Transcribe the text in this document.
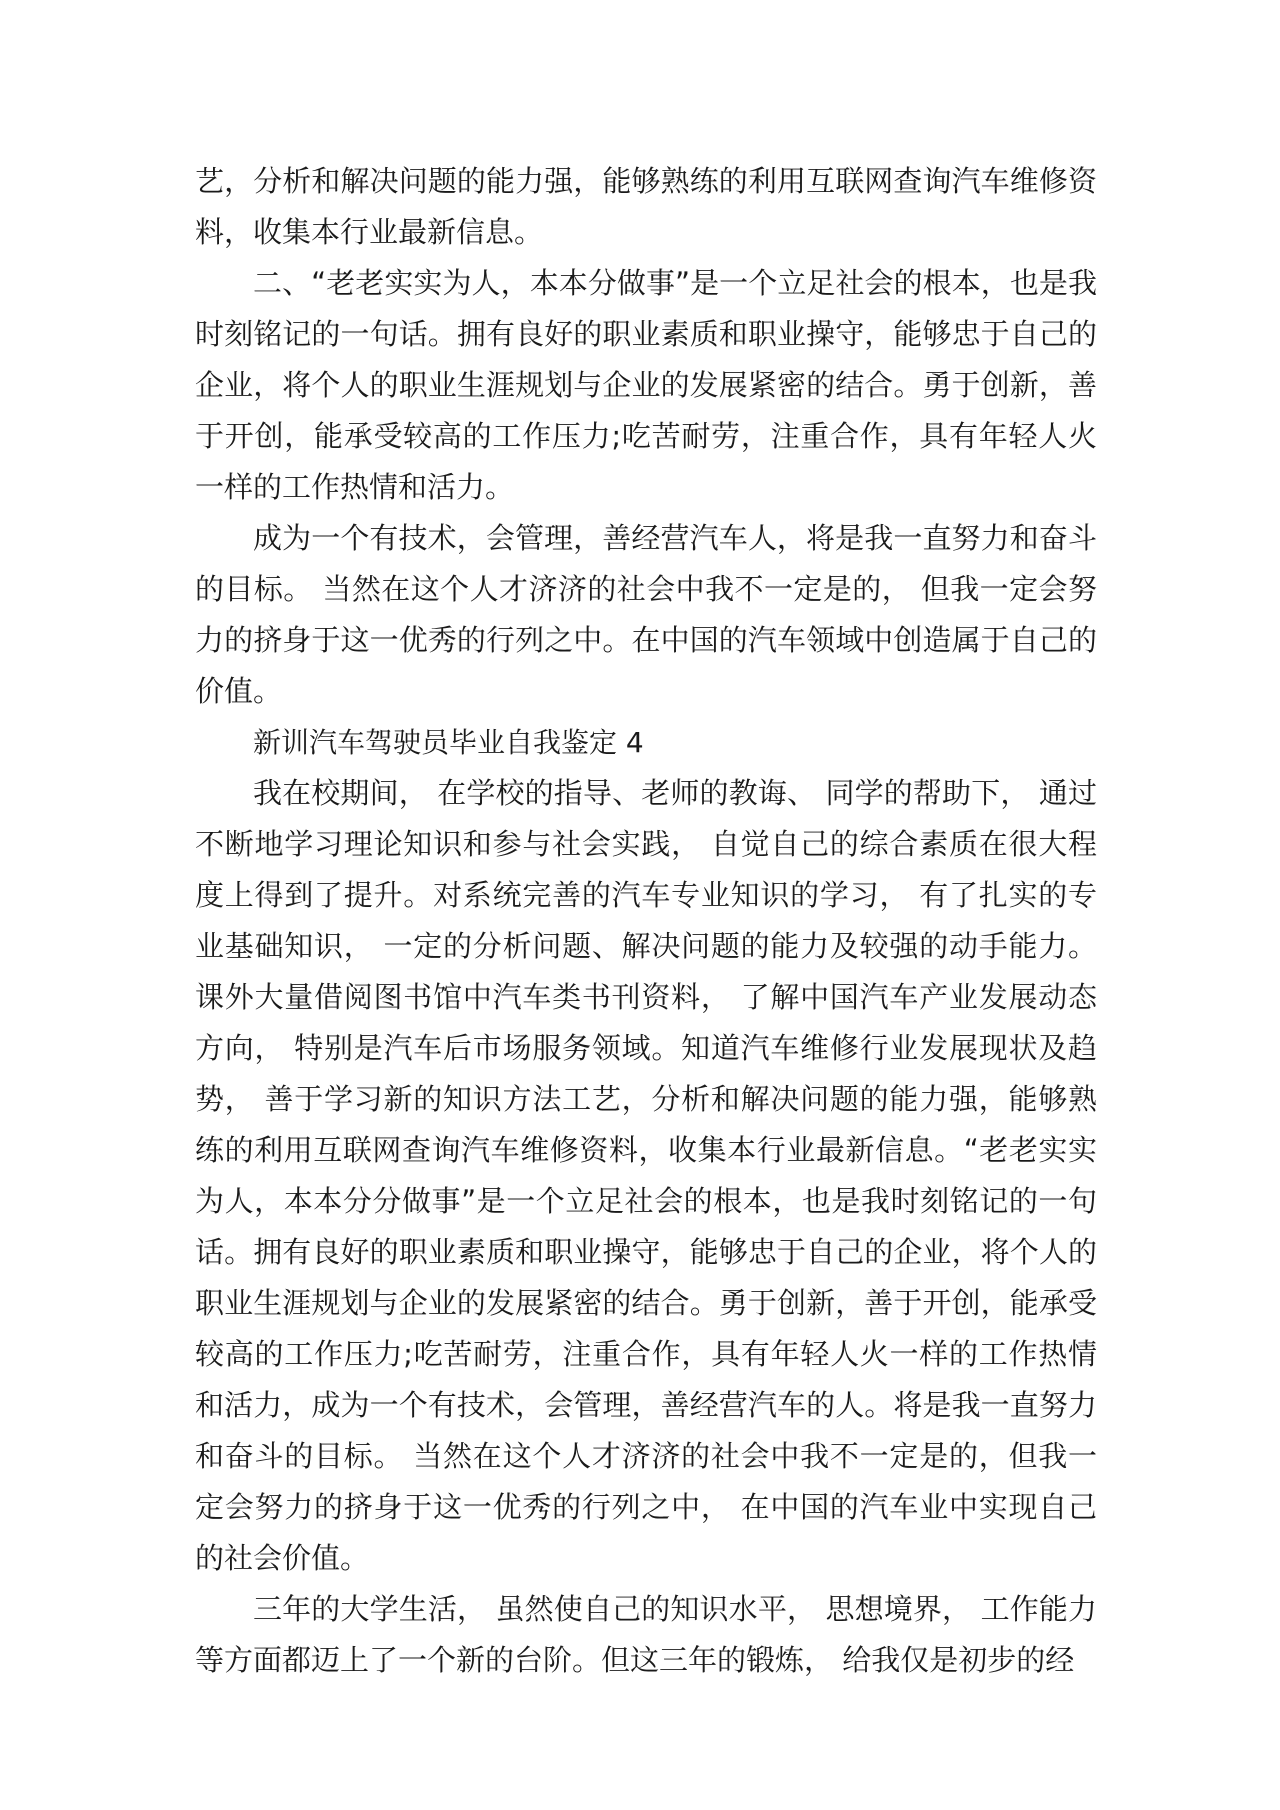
艺，分析和解决问题的能力强，能够熟练的利用互联网查询汽车维修资料，收集本行业最新信息。

二、“老老实实为人，本本分做事”是一个立足社会的根本，也是我时刻铭记的一句话。拥有良好的职业素质和职业操守，能够忠于自己的企业，将个人的职业生涯规划与企业的发展紧密的结合。勇于创新，善于开创，能承受较高的工作压力;吃苦耐劳，注重合作，具有年轻人火一样的工作热情和活力。

成为一个有技术，会管理，善经营汽车人，将是我一直努力和奋斗的目标。 当然在这个人才济济的社会中我不一定是的， 但我一定会努力的挤身于这一优秀的行列之中。在中国的汽车领域中创造属于自己的价值。

新训汽车驾驶员毕业自我鉴定 4

我在校期间， 在学校的指导、老师的教诲、 同学的帮助下， 通过不断地学习理论知识和参与社会实践， 自觉自己的综合素质在很大程度上得到了提升。对系统完善的汽车专业知识的学习， 有了扎实的专业基础知识， 一定的分析问题、解决问题的能力及较强的动手能力。课外大量借阅图书馆中汽车类书刊资料， 了解中国汽车产业发展动态方向， 特别是汽车后市场服务领域。知道汽车维修行业发展现状及趋势， 善于学习新的知识方法工艺，分析和解决问题的能力强，能够熟练的利用互联网查询汽车维修资料，收集本行业最新信息。“老老实实为人，本本分分做事”是一个立足社会的根本，也是我时刻铭记的一句话。拥有良好的职业素质和职业操守，能够忠于自己的企业，将个人的职业生涯规划与企业的发展紧密的结合。勇于创新，善于开创，能承受较高的工作压力;吃苦耐劳，注重合作，具有年轻人火一样的工作热情和活力，成为一个有技术，会管理，善经营汽车的人。将是我一直努力和奋斗的目标。 当然在这个人才济济的社会中我不一定是的，但我一定会努力的挤身于这一优秀的行列之中， 在中国的汽车业中实现自己的社会价值。

三年的大学生活， 虽然使自己的知识水平， 思想境界， 工作能力等方面都迈上了一个新的台阶。但这三年的锻炼， 给我仅是初步的经
